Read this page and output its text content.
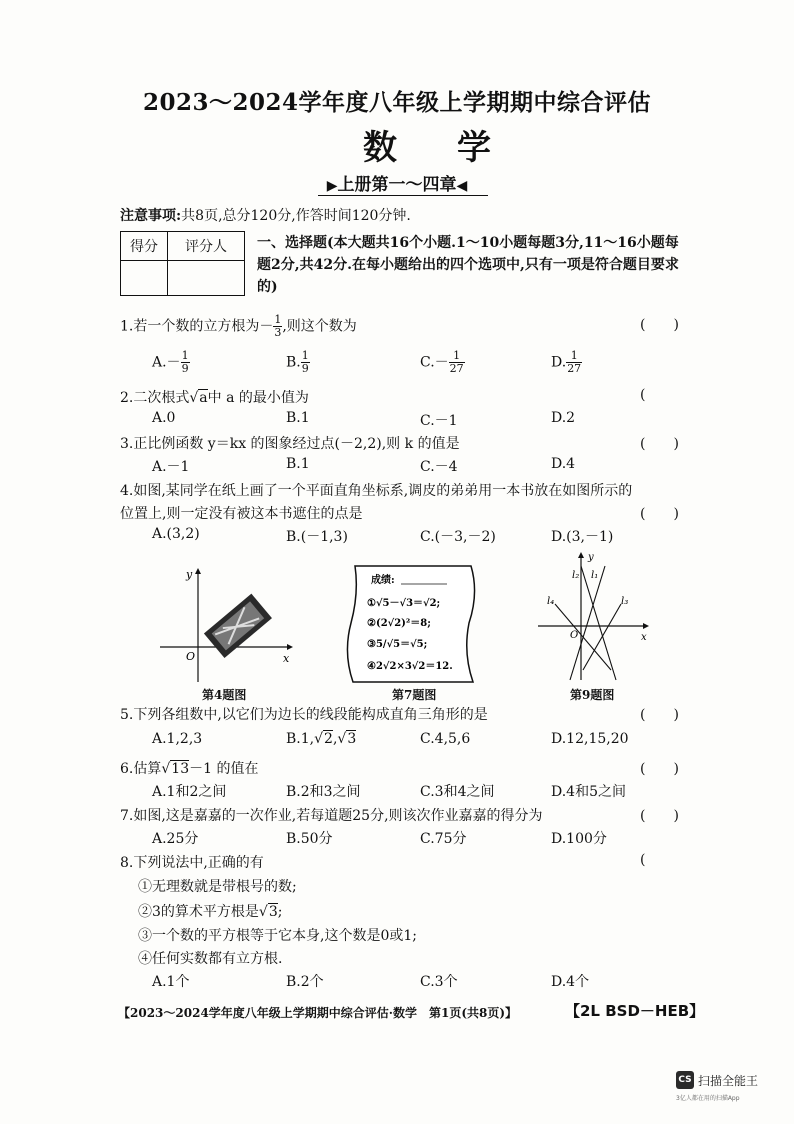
2023～2024学年度八年级上学期期中综合评估
数学
▶上册第一～四章◀
注意事项:共8页,总分120分,作答时间120分钟.
得分	评分人
	一、选择题(本大题共16个小题.1～10小题每题3分,11～16小题每题2分,共42分.在每小题给出的四个选项中,只有一项是符合题目要求的)
1.若一个数的立方根为－ $\frac{1}{3}$ ,则这个数为	(　　)
$A.- \frac{1}{9}$	B. $\frac{1}{9}$	$C.- \frac{1}{27}$	D. $\frac{1}{27}$
2.二次根式√a中 a 的最小值为	(
A.0	B.1	C.－1	D.2
3.正比例函数 y＝kx 的图象经过点(－2,2),则 k 的值是	(　　)
A.－1	B.1	C.－4	D.4
4.如图,某同学在纸上画了一个平面直角坐标系,调皮的弟弟用一本书放在如图所示的
位置上,则一定没有被这本书遮住的点是	(　　)
A.(3,2)	B.(－1,3)	C.(－3,－2)	D.(3,－1)
x
y
O
第4题图
成绩:
①√5－√3＝√2;
②(2√2)²＝8;
③5/√5＝√5;
④2√2×3√2＝12.
第7题图
y
x
O
l₂ l₁
l₄	l₃
第9题图
5.下列各组数中,以它们为边长的线段能构成直角三角形的是	(　　)
A.1,2,3	B.1,√2,√3	C.4,5,6	D.12,15,20
6.估算√13－1 的值在	(　　)
A.1和2之间	B.2和3之间	C.3和4之间	D.4和5之间
7.如图,这是嘉嘉的一次作业,若每道题25分,则该次作业嘉嘉的得分为	(　　)
A.25分	B.50分	C.75分	D.100分
8.下列说法中,正确的有	(
①无理数就是带根号的数;
②3的算术平方根是√3;
③一个数的平方根等于它本身,这个数是0或1;
④任何实数都有立方根.
A.1个	B.2个	C.3个	D.4个
【2023～2024学年度八年级上学期期中综合评估·数学　第1页(共8页)】	【2L BSD－HEB】
CS 扫描全能王
3亿人都在用的扫描App
